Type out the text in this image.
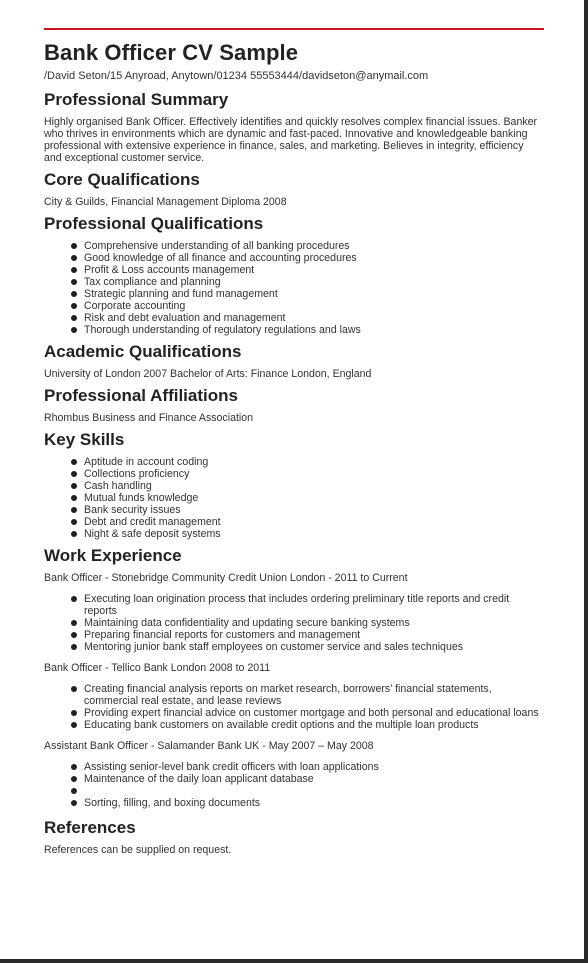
Bank Officer CV Sample
/David Seton/15 Anyroad, Anytown/01234 55553444/davidseton@anymail.com
Professional Summary
Highly organised Bank Officer. Effectively identifies and quickly resolves complex financial issues. Banker who thrives in environments which are dynamic and fast-paced. Innovative and knowledgeable banking professional with extensive experience in finance, sales, and marketing. Believes in integrity, efficiency and exceptional customer service.
Core Qualifications
City & Guilds, Financial Management Diploma 2008
Professional Qualifications
Comprehensive understanding of all banking procedures
Good knowledge of all finance and accounting procedures
Profit & Loss accounts management
Tax compliance and planning
Strategic planning and fund management
Corporate accounting
Risk and debt evaluation and management
Thorough understanding of regulatory regulations and laws
Academic Qualifications
University of London 2007 Bachelor of Arts: Finance London, England
Professional Affiliations
Rhombus Business and Finance Association
Key Skills
Aptitude in account coding
Collections proficiency
Cash handling
Mutual funds knowledge
Bank security issues
Debt and credit management
Night & safe deposit systems
Work Experience
Bank Officer - Stonebridge Community Credit Union London - 2011 to Current
Executing loan origination process that includes ordering preliminary title reports and credit reports
Maintaining data confidentiality and updating secure banking systems
Preparing financial reports for customers and management
Mentoring junior bank staff employees on customer service and sales techniques
Bank Officer - Tellico Bank London 2008 to 2011
Creating financial analysis reports on market research, borrowers’ financial statements, commercial real estate, and lease reviews
Providing expert financial advice on customer mortgage and both personal and educational loans
Educating bank customers on available credit options and the multiple loan products
Assistant Bank Officer - Salamander Bank UK - May 2007 – May 2008
Assisting senior-level bank credit officers with loan applications
Maintenance of the daily loan applicant database
Sorting, filling, and boxing documents
References
References can be supplied on request.
